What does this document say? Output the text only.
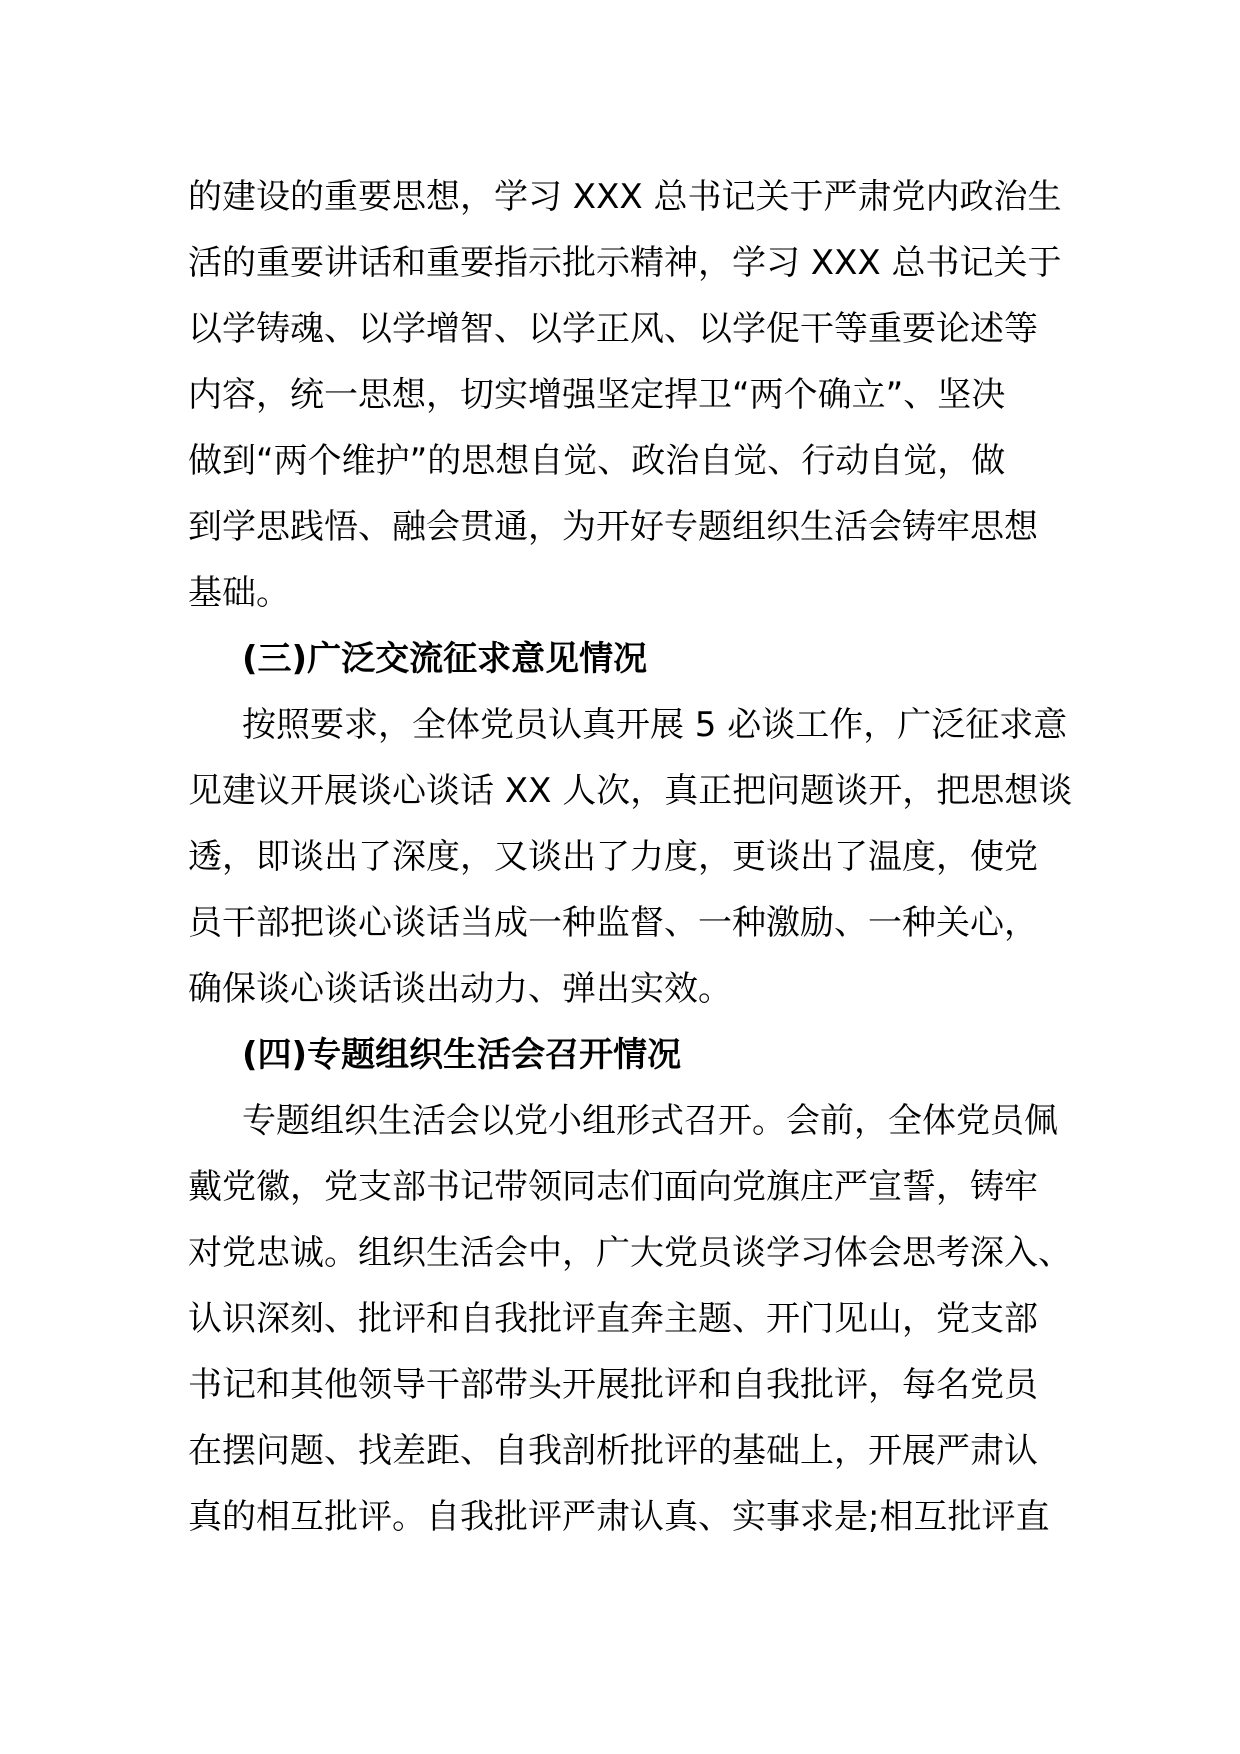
的建设的重要思想，学习 XXX 总书记关于严肃党内政治生
活的重要讲话和重要指示批示精神，学习 XXX 总书记关于
以学铸魂、以学增智、以学正风、以学促干等重要论述等
内容，统一思想，切实增强坚定捍卫“两个确立”、坚决
做到“两个维护”的思想自觉、政治自觉、行动自觉，做
到学思践悟、融会贯通，为开好专题组织生活会铸牢思想
基础。
(三)广泛交流征求意见情况
按照要求，全体党员认真开展 5 必谈工作，广泛征求意
见建议开展谈心谈话 XX 人次，真正把问题谈开，把思想谈
透，即谈出了深度，又谈出了力度，更谈出了温度，使党
员干部把谈心谈话当成一种监督、一种激励、一种关心，
确保谈心谈话谈出动力、弹出实效。
(四)专题组织生活会召开情况
专题组织生活会以党小组形式召开。会前，全体党员佩
戴党徽，党支部书记带领同志们面向党旗庄严宣誓，铸牢
对党忠诚。组织生活会中，广大党员谈学习体会思考深入、
认识深刻、批评和自我批评直奔主题、开门见山，党支部
书记和其他领导干部带头开展批评和自我批评，每名党员
在摆问题、找差距、自我剖析批评的基础上，开展严肃认
真的相互批评。自我批评严肃认真、实事求是;相互批评直
